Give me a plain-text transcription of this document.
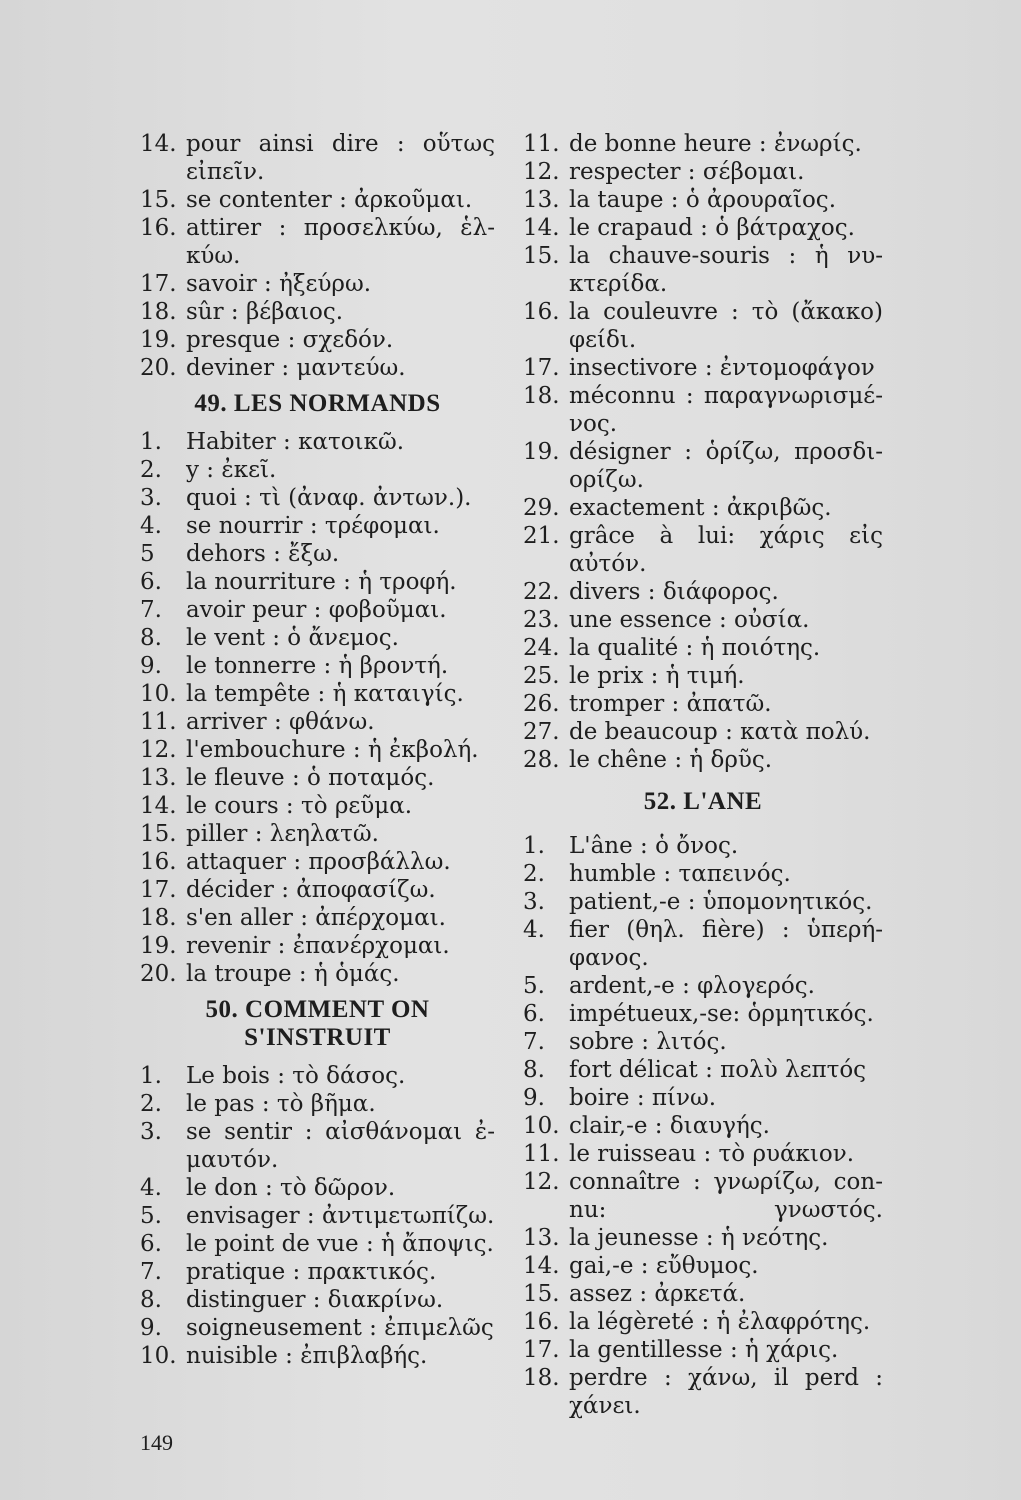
14. pour ainsi dire : οὕτως εἰπεῖν.
15. se contenter : ἀρκοῦμαι.
16. attirer : προσελκύω, ἑλ-κύω.
17. savoir : ἠξεύρω.
18. sûr : βέβαιος.
19. presque : σχεδόν.
20. deviner : μαντεύω.
49. LES NORMANDS
1.	Habiter : κατοικῶ.
2.	y : ἐκεῖ.
3.	quoi : τὶ (ἀναφ. ἀντων.).
4.	se nourrir : τρέφομαι.
5	dehors : ἔξω.
6.	la nourriture : ἡ τροφή.
7.	avoir peur : φοβοῦμαι.
8.	le vent : ὁ ἄνεμος.
9.	le tonnerre : ἡ βροντή.
10. la tempête : ἡ καταιγίς.
11. arriver : φθάνω.
12. l'embouchure : ἡ ἐκβολή.
13. le fleuve : ὁ ποταμός.
14. le cours : τὸ ρεῦμα.
15. piller : λεηλατῶ.
16. attaquer : προσβάλλω.
17. décider : ἀποφασίζω.
18. s'en aller : ἀπέρχομαι.
19. revenir : ἐπανέρχομαι.
20. la troupe : ἡ ὁμάς.
50. COMMENT ON S'INSTRUIT
1.	Le bois : τὸ δάσος.
2.	le pas : τὸ βῆμα.
3.	se sentir : αἰσθάνομαι ἐ-μαυτόν.
4.	le don : τὸ δῶρον.
5.	envisager : ἀντιμετωπίζω.
6.	le point de vue : ἡ ἄποψις.
7.	pratique : πρακτικός.
8.	distinguer : διακρίνω.
9.	soigneusement : ἐπιμελῶς
10. nuisible : ἐπιβλαβής.
11. de bonne heure : ἐνωρίς.
12. respecter : σέβομαι.
13. la taupe : ὁ ἀρουραῖος.
14. le crapaud : ὁ βάτραχος.
15. la chauve-souris : ἡ νυ-κτερίδα.
16. la couleuvre : τὸ (ἄκακο) φείδι.
17. insectivore : ἐντομοφάγον
18. méconnu : παραγνωρισμέ-νος.
19. désigner : ὁρίζω, προσδι-ορίζω.
29. exactement : ἀκριβῶς.
21. grâce à lui: χάρις εἰς αὐτόν.
22. divers : διάφορος.
23. une essence : οὐσία.
24. la qualité : ἡ ποιότης.
25. le prix : ἡ τιμή.
26. tromper : ἀπατῶ.
27. de beaucoup : κατὰ πολύ.
28. le chêne : ἡ δρῦς.
52. L'ANE
1.	L'âne : ὁ ὄνος.
2.	humble : ταπεινός.
3.	patient,-e : ὑπομονητικός.
4.	fier (θηλ. fière) : ὑπερή-φανος.
5.	ardent,-e : φλογερός.
6.	impétueux,-se: ὁρμητικός.
7.	sobre : λιτός.
8.	fort délicat : πολὺ λεπτός
9.	boire : πίνω.
10. clair,-e : διαυγής.
11. le ruisseau : τὸ ρυάκιον.
12. connaître : γνωρίζω, con-nu: γνωστός.
13. la jeunesse : ἡ νεότης.
14. gai,-e : εὔθυμος.
15. assez : ἀρκετά.
16. la légèreté : ἡ ἐλαφρότης.
17. la gentillesse : ἡ χάρις.
18. perdre : χάνω, il perd : χάνει.
149
